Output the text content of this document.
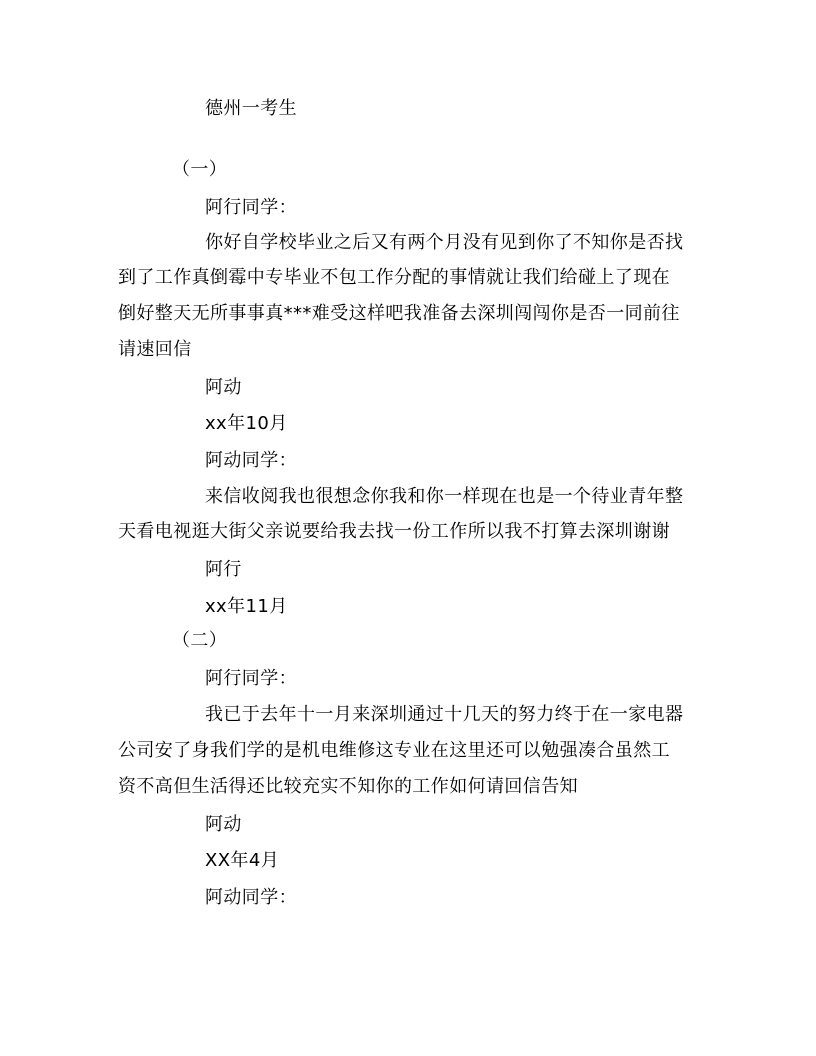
德州一考生
（一）
阿行同学：
你好自学校毕业之后又有两个月没有见到你了不知你是否找
到了工作真倒霉中专毕业不包工作分配的事情就让我们给碰上了现在
倒好整天无所事事真***难受这样吧我准备去深圳闯闯你是否一同前往
请速回信
阿动
xx年10月
阿动同学：
来信收阅我也很想念你我和你一样现在也是一个待业青年整
天看电视逛大街父亲说要给我去找一份工作所以我不打算去深圳谢谢
阿行
xx年11月
（二）
阿行同学：
我已于去年十一月来深圳通过十几天的努力终于在一家电器
公司安了身我们学的是机电维修这专业在这里还可以勉强凑合虽然工
资不高但生活得还比较充实不知你的工作如何请回信告知
阿动
XX年4月
阿动同学：
